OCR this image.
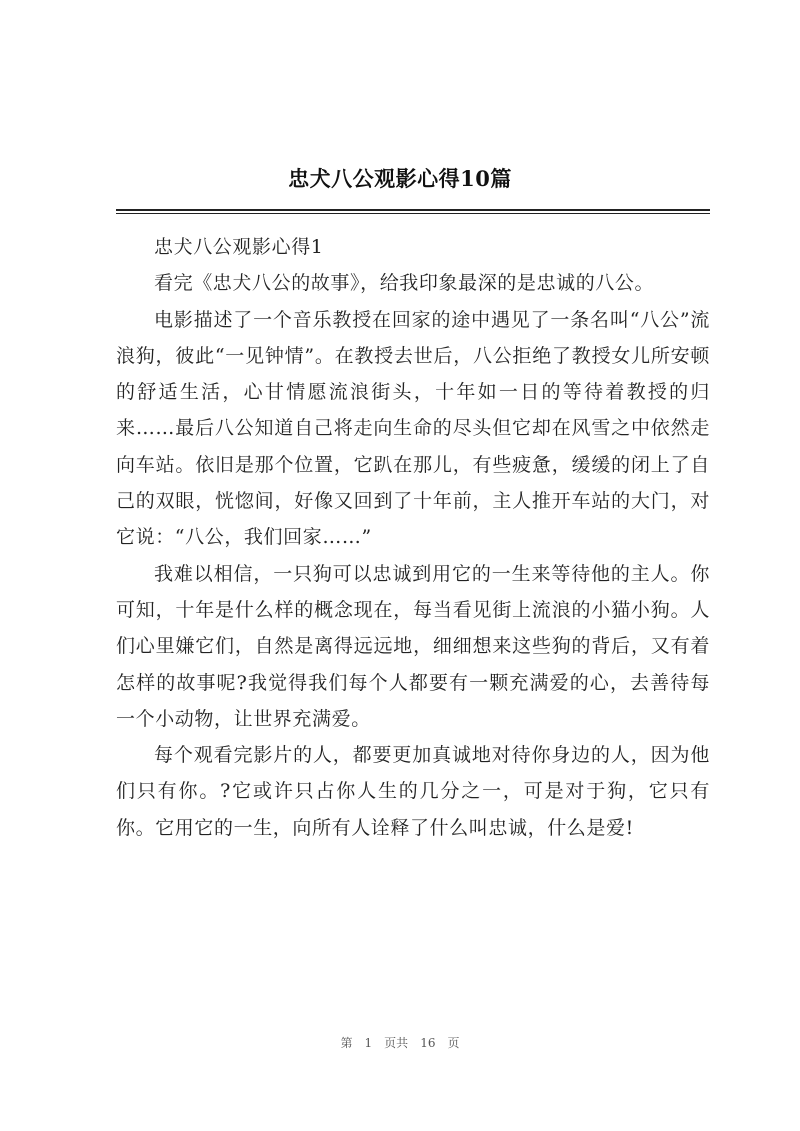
忠犬八公观影心得10篇

忠犬八公观影心得1

看完《忠犬八公的故事》，给我印象最深的是忠诚的八公。

电影描述了一个音乐教授在回家的途中遇见了一条名叫“八公”流浪狗，彼此“一见钟情”。在教授去世后，八公拒绝了教授女儿所安顿的舒适生活，心甘情愿流浪街头，十年如一日的等待着教授的归来……最后八公知道自己将走向生命的尽头但它却在风雪之中依然走向车站。依旧是那个位置，它趴在那儿，有些疲惫，缓缓的闭上了自己的双眼，恍惚间，好像又回到了十年前，主人推开车站的大门，对它说：“八公，我们回家……”

我难以相信，一只狗可以忠诚到用它的一生来等待他的主人。你可知，十年是什么样的概念现在，每当看见街上流浪的小猫小狗。人们心里嫌它们，自然是离得远远地，细细想来这些狗的背后，又有着怎样的故事呢?我觉得我们每个人都要有一颗充满爱的心，去善待每一个小动物，让世界充满爱。

每个观看完影片的人，都要更加真诚地对待你身边的人，因为他们只有你。?它或许只占你人生的几分之一，可是对于狗，它只有你。它用它的一生，向所有人诠释了什么叫忠诚，什么是爱!

第 1 页共 16 页
